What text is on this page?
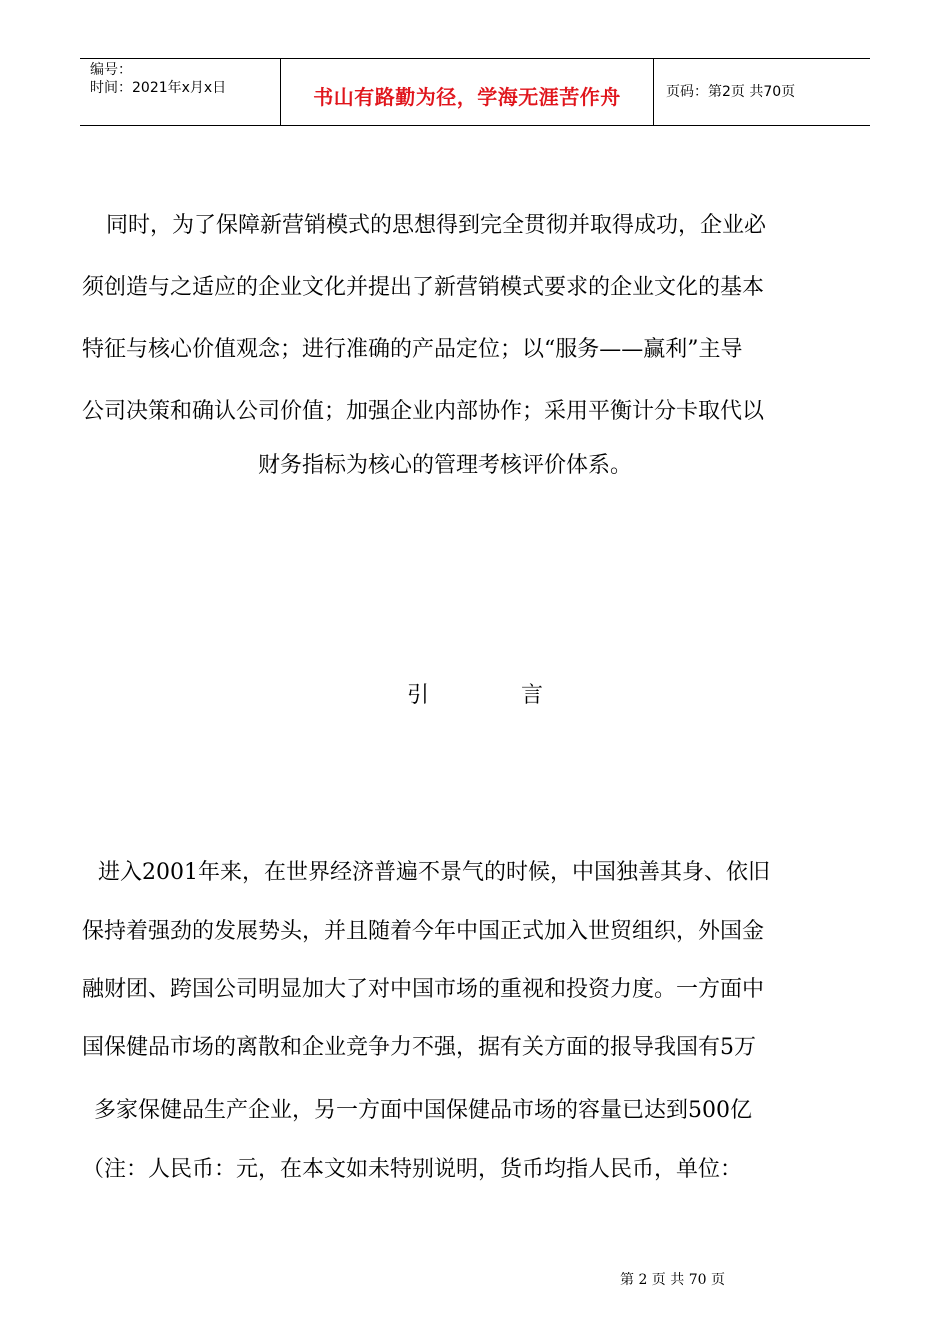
编号：
时间：2021年x月x日	书山有路勤为径，学海无涯苦作舟	页码：第2页 共70页
同时，为了保障新营销模式的思想得到完全贯彻并取得成功，企业必
须创造与之适应的企业文化并提出了新营销模式要求的企业文化的基本
特征与核心价值观念；进行准确的产品定位；以“服务——赢利”主导
公司决策和确认公司价值；加强企业内部协作；采用平衡计分卡取代以
财务指标为核心的管理考核评价体系。
引	言
进入2001年来，在世界经济普遍不景气的时候，中国独善其身、依旧
保持着强劲的发展势头，并且随着今年中国正式加入世贸组织，外国金
融财团、跨国公司明显加大了对中国市场的重视和投资力度。一方面中
国保健品市场的离散和企业竞争力不强，据有关方面的报导我国有5万
多家保健品生产企业，另一方面中国保健品市场的容量已达到500亿
（注：人民币：元，在本文如未特别说明，货币均指人民币，单位：
第 2 页 共 70 页
